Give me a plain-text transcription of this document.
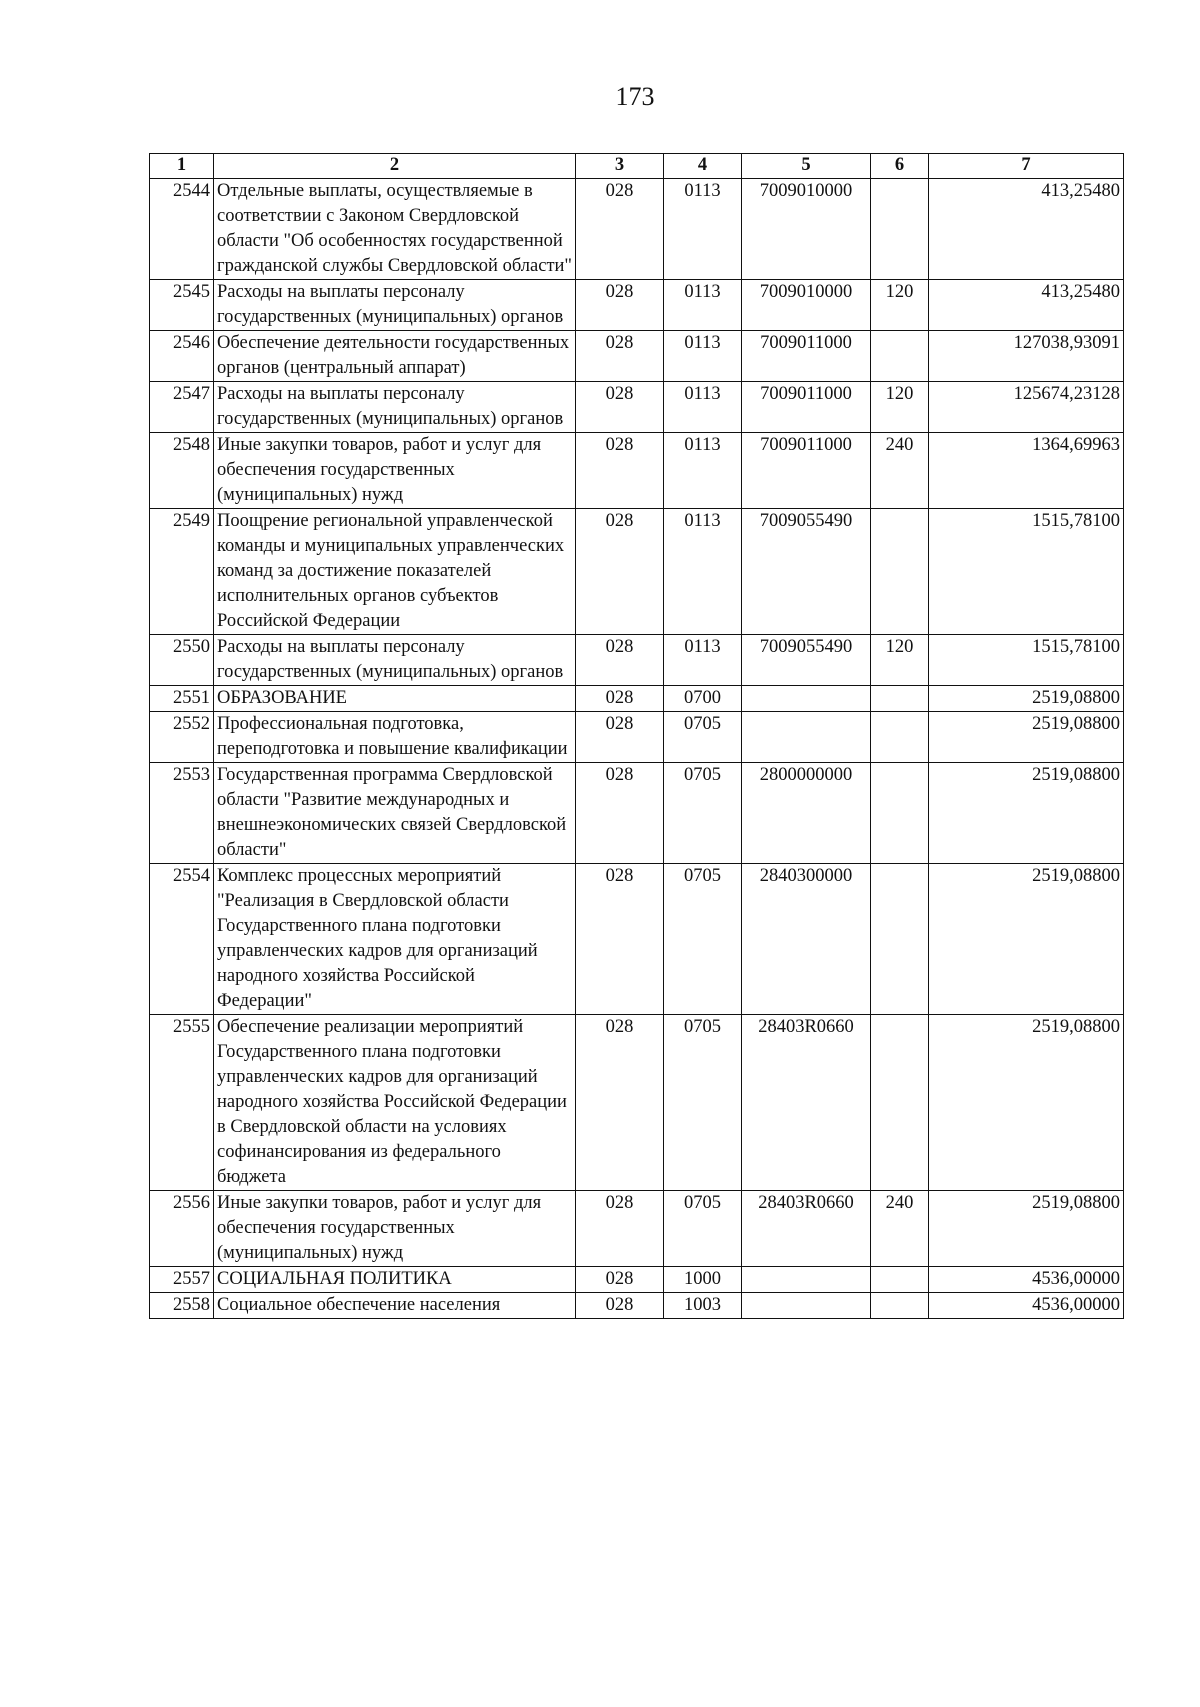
173
1	2	3	4	5	6	7
2544	Отдельные выплаты, осуществляемые в соответствии с Законом Свердловской области "Об особенностях государственной гражданской службы Свердловской области"	028	0113	7009010000		413,25480
2545	Расходы на выплаты персоналу государственных (муниципальных) органов	028	0113	7009010000	120	413,25480
2546	Обеспечение деятельности государственных органов (центральный аппарат)	028	0113	7009011000		127038,93091
2547	Расходы на выплаты персоналу государственных (муниципальных) органов	028	0113	7009011000	120	125674,23128
2548	Иные закупки товаров, работ и услуг для обеспечения государственных (муниципальных) нужд	028	0113	7009011000	240	1364,69963
2549	Поощрение региональной управленческой команды и муниципальных управленческих команд за достижение показателей исполнительных органов субъектов Российской Федерации	028	0113	7009055490		1515,78100
2550	Расходы на выплаты персоналу государственных (муниципальных) органов	028	0113	7009055490	120	1515,78100
2551	ОБРАЗОВАНИЕ	028	0700			2519,08800
2552	Профессиональная подготовка, переподготовка и повышение квалификации	028	0705			2519,08800
2553	Государственная программа Свердловской области "Развитие международных и внешнеэкономических связей Свердловской области"	028	0705	2800000000		2519,08800
2554	Комплекс процессных мероприятий "Реализация в Свердловской области Государственного плана подготовки управленческих кадров для организаций народного хозяйства Российской Федерации"	028	0705	2840300000		2519,08800
2555	Обеспечение реализации мероприятий Государственного плана подготовки управленческих кадров для организаций народного хозяйства Российской Федерации в Свердловской области на условиях софинансирования из федерального бюджета	028	0705	28403R0660		2519,08800
2556	Иные закупки товаров, работ и услуг для обеспечения государственных (муниципальных) нужд	028	0705	28403R0660	240	2519,08800
2557	СОЦИАЛЬНАЯ ПОЛИТИКА	028	1000			4536,00000
2558	Социальное обеспечение населения	028	1003			4536,00000
